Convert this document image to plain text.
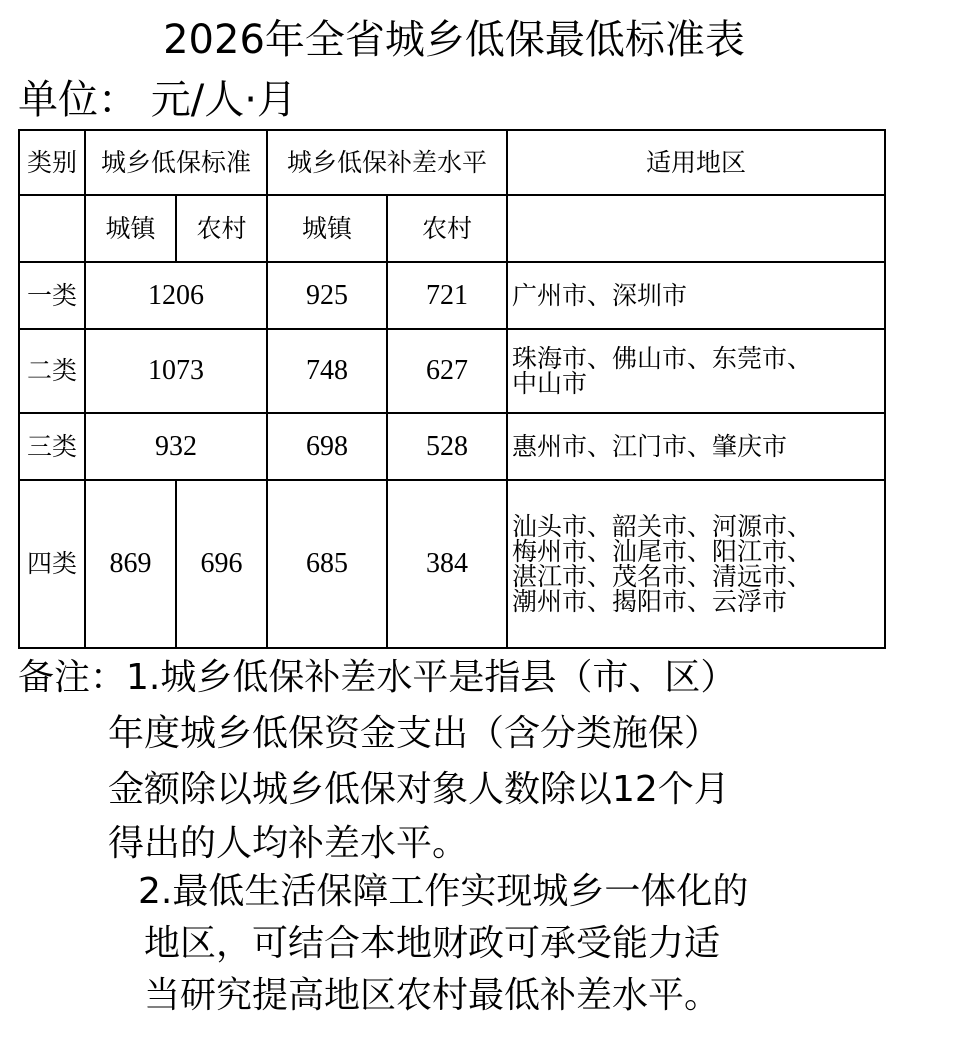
2026年全省城乡低保最低标准表
单位： 元/人·月
类别	城乡低保标准		城乡低保补差水平		适用地区
	城镇	农村	城镇	农村	
一类	1206		925	721	广州市、深圳市

二类	1073		748	627	珠海市、佛山市、东莞市、
中山市

三类	932		698	528	惠州市、江门市、肇庆市

四类	869	696	685	384	汕头市、韶关市、河源市、
梅州市、汕尾市、阳江市、
湛江市、茂名市、清远市、
潮州市、揭阳市、云浮市
备注：1.城乡低保补差水平是指县（市、区）
年度城乡低保资金支出（含分类施保）
金额除以城乡低保对象人数除以12个月
得出的人均补差水平。
2.最低生活保障工作实现城乡一体化的
地区，可结合本地财政可承受能力适
当研究提高地区农村最低补差水平。
